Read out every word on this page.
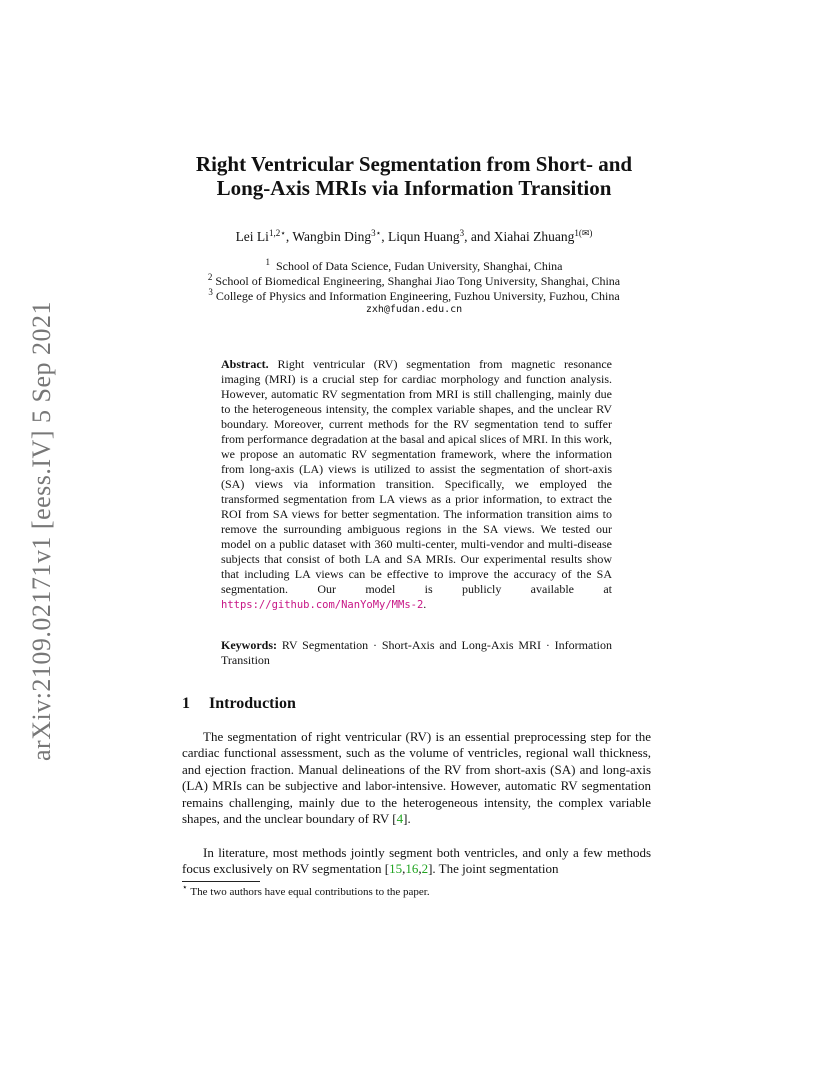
arXiv:2109.02171v1 [eess.IV] 5 Sep 2021
Right Ventricular Segmentation from Short- and
Long-Axis MRIs via Information Transition
Lei $Li^{1,2⋆}$, Wangbin Ding$^{3⋆}$, Liqun Huang$^3$, and Xiahai Zhuang$^{1(✉)}$
$^1$ School of Data Science, Fudan University, Shanghai, China
$^2$ School of Biomedical Engineering, Shanghai Jiao Tong University, Shanghai, China
$^3$ College of Physics and Information Engineering, Fuzhou University, Fuzhou, China
zxh@fudan.edu.cn
Abstract. Right ventricular (RV) segmentation from magnetic resonance imaging (MRI) is a crucial step for cardiac morphology and function analysis. However, automatic RV segmentation from MRI is still challenging, mainly due to the heterogeneous intensity, the complex variable shapes, and the unclear RV boundary. Moreover, current methods for the RV segmentation tend to suffer from performance degradation at the basal and apical slices of MRI. In this work, we propose an automatic RV segmentation framework, where the information from long-axis (LA) views is utilized to assist the segmentation of short-axis (SA) views via information transition. Specifically, we employed the transformed segmentation from LA views as a prior information, to extract the ROI from SA views for better segmentation. The information transition aims to remove the surrounding ambiguous regions in the SA views. We tested our model on a public dataset with 360 multi-center, multi-vendor and multi-disease subjects that consist of both LA and SA MRIs. Our experimental results show that including LA views can be effective to improve the accuracy of the SA segmentation. Our model is publicly available at https://github.com/NanYoMy/MMs-2.
Keywords: RV Segmentation · Short-Axis and Long-Axis MRI · Information Transition
1 Introduction
The segmentation of right ventricular (RV) is an essential preprocessing step for the cardiac functional assessment, such as the volume of ventricles, regional wall thickness, and ejection fraction. Manual delineations of the RV from short-axis (SA) and long-axis (LA) MRIs can be subjective and labor-intensive. However, automatic RV segmentation remains challenging, mainly due to the heterogeneous intensity, the complex variable shapes, and the unclear boundary of RV [4].
In literature, most methods jointly segment both ventricles, and only a few methods focus exclusively on RV segmentation [15,16,2]. The joint segmentation
⋆ The two authors have equal contributions to the paper.
